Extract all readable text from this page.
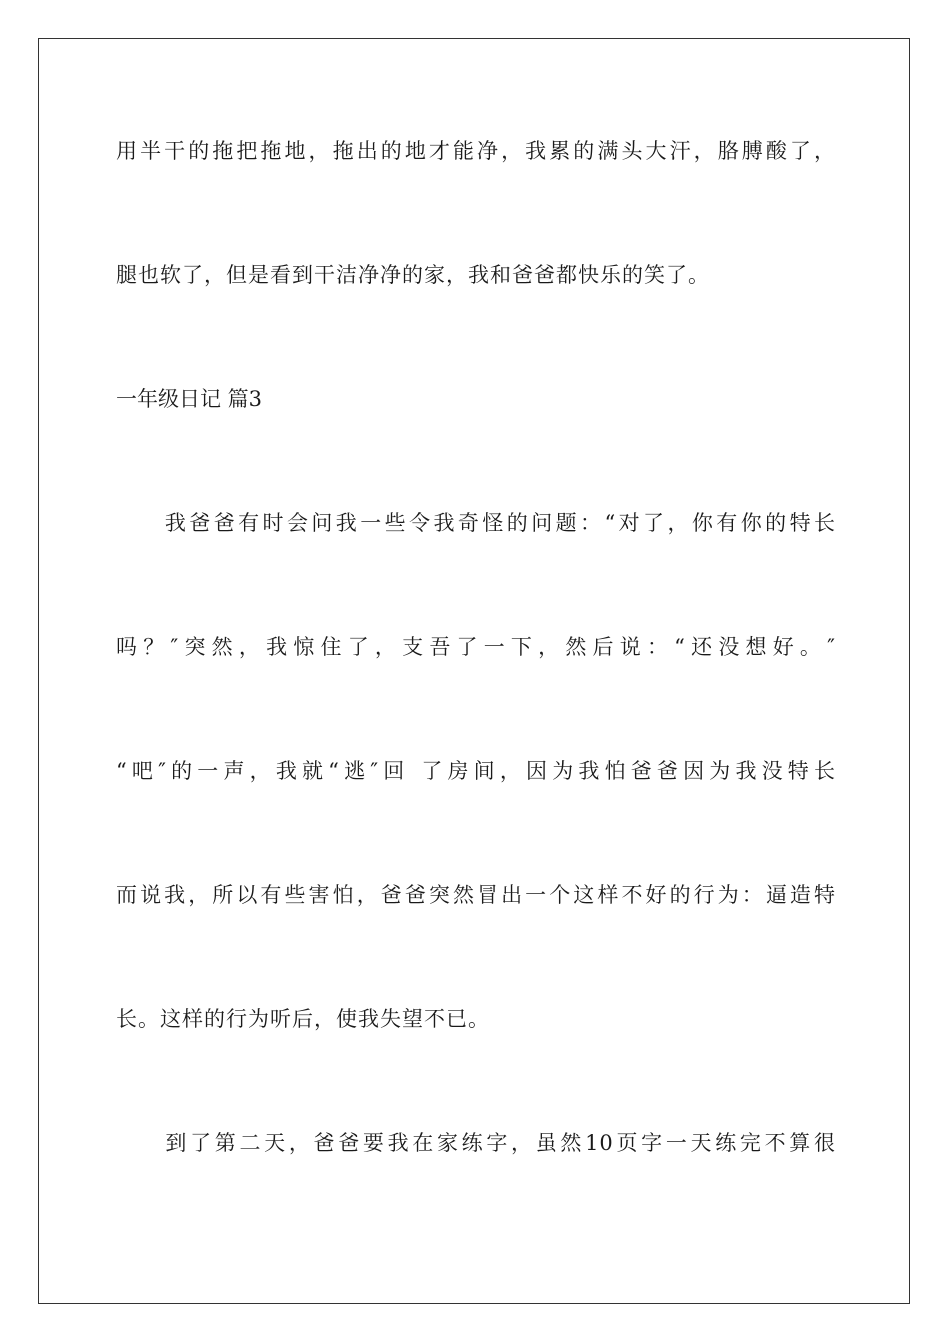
用半干的拖把拖地，拖出的地才能净，我累的满头大汗，胳膊酸了，
腿也软了，但是看到干洁净净的家，我和爸爸都快乐的笑了。
一年级日记 篇3
　　我爸爸有时会问我一些令我奇怪的问题：“对了，你有你的特长
吗？″突然，我惊住了，支吾了一下，然后说：“还没想好。″
“吧″的一声，我就“逃″回 了房间，因为我怕爸爸因为我没特长
而说我，所以有些害怕，爸爸突然冒出一个这样不好的行为：逼造特
长。这样的行为听后，使我失望不已。
　　到了第二天，爸爸要我在家练字，虽然10页字一天练完不算很
